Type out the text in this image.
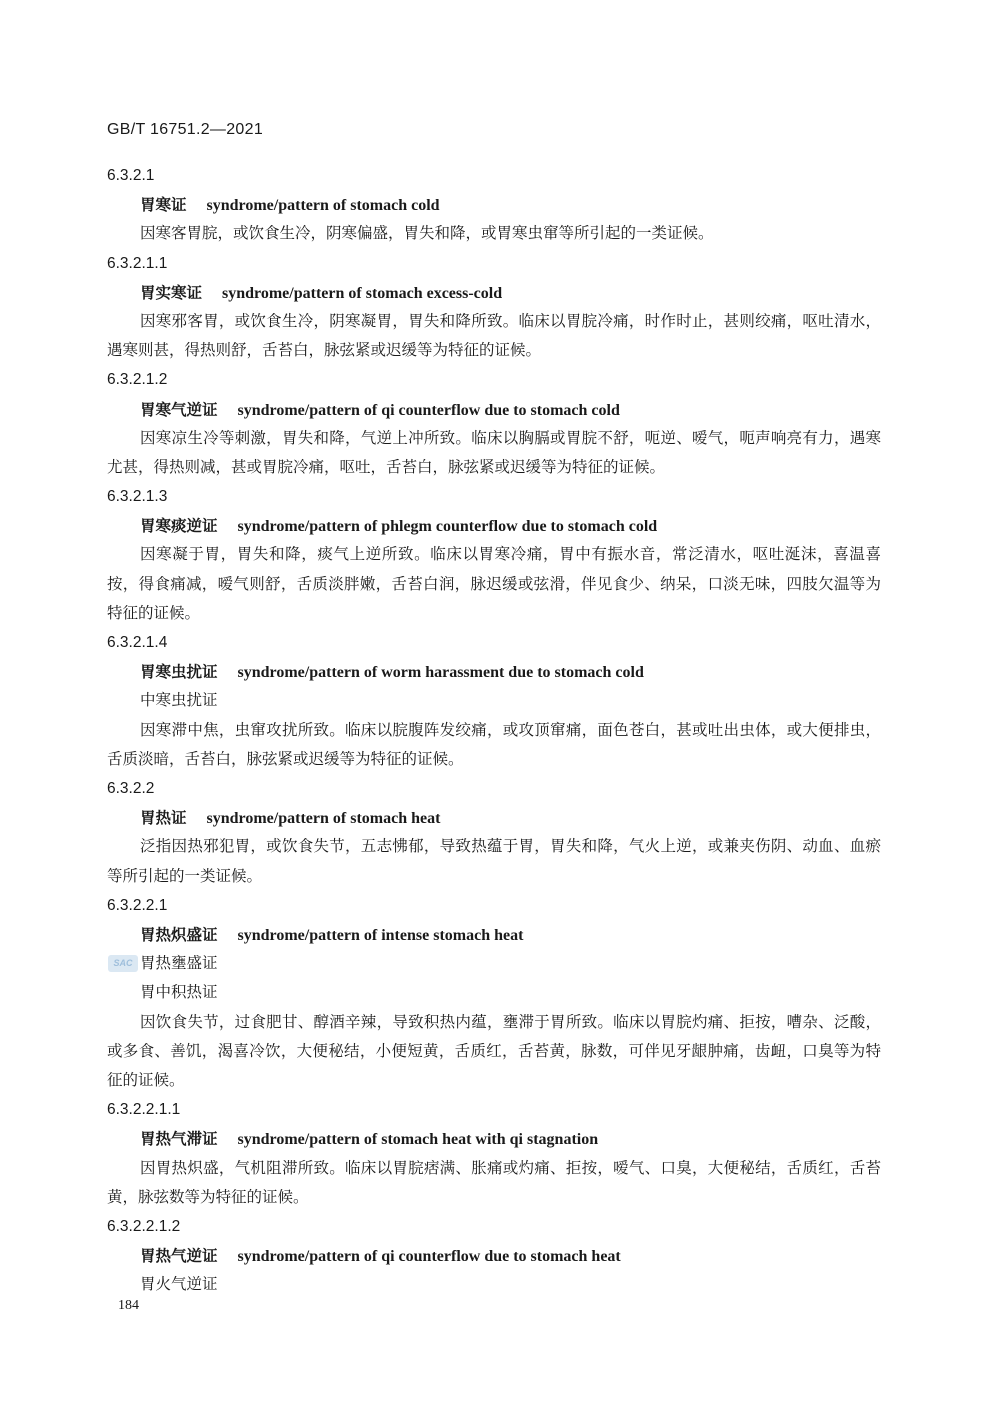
GB/T 16751.2—2021
6.3.2.1
胃寒证 syndrome/pattern of stomach cold
因寒客胃脘，或饮食生冷，阴寒偏盛，胃失和降，或胃寒虫窜等所引起的一类证候。
6.3.2.1.1
胃实寒证 syndrome/pattern of stomach excess-cold
因寒邪客胃，或饮食生冷，阴寒凝胃，胃失和降所致。临床以胃脘冷痛，时作时止，甚则绞痛，呕吐清水，遇寒则甚，得热则舒，舌苔白，脉弦紧或迟缓等为特征的证候。
6.3.2.1.2
胃寒气逆证 syndrome/pattern of qi counterflow due to stomach cold
因寒凉生冷等刺激，胃失和降，气逆上冲所致。临床以胸膈或胃脘不舒，呃逆、嗳气，呃声响亮有力，遇寒尤甚，得热则减，甚或胃脘冷痛，呕吐，舌苔白，脉弦紧或迟缓等为特征的证候。
6.3.2.1.3
胃寒痰逆证 syndrome/pattern of phlegm counterflow due to stomach cold
因寒凝于胃，胃失和降，痰气上逆所致。临床以胃寒冷痛，胃中有振水音，常泛清水，呕吐涎沫，喜温喜按，得食痛减，嗳气则舒，舌质淡胖嫩，舌苔白润，脉迟缓或弦滑，伴见食少、纳呆，口淡无味，四肢欠温等为特征的证候。
6.3.2.1.4
胃寒虫扰证 syndrome/pattern of worm harassment due to stomach cold
中寒虫扰证
因寒滞中焦，虫窜攻扰所致。临床以脘腹阵发绞痛，或攻顶窜痛，面色苍白，甚或吐出虫体，或大便排虫，舌质淡暗，舌苔白，脉弦紧或迟缓等为特征的证候。
6.3.2.2
胃热证 syndrome/pattern of stomach heat
泛指因热邪犯胃，或饮食失节，五志怫郁，导致热蕴于胃，胃失和降，气火上逆，或兼夹伤阴、动血、血瘀等所引起的一类证候。
6.3.2.2.1
胃热炽盛证 syndrome/pattern of intense stomach heat
SAC 胃热壅盛证
胃中积热证
因饮食失节，过食肥甘、醇酒辛辣，导致积热内蕴，壅滞于胃所致。临床以胃脘灼痛、拒按，嘈杂、泛酸，或多食、善饥，渴喜冷饮，大便秘结，小便短黄，舌质红，舌苔黄，脉数，可伴见牙龈肿痛，齿衄，口臭等为特征的证候。
6.3.2.2.1.1
胃热气滞证 syndrome/pattern of stomach heat with qi stagnation
因胃热炽盛，气机阻滞所致。临床以胃脘痞满、胀痛或灼痛、拒按，嗳气、口臭，大便秘结，舌质红，舌苔黄，脉弦数等为特征的证候。
6.3.2.2.1.2
胃热气逆证 syndrome/pattern of qi counterflow due to stomach heat
胃火气逆证
184
